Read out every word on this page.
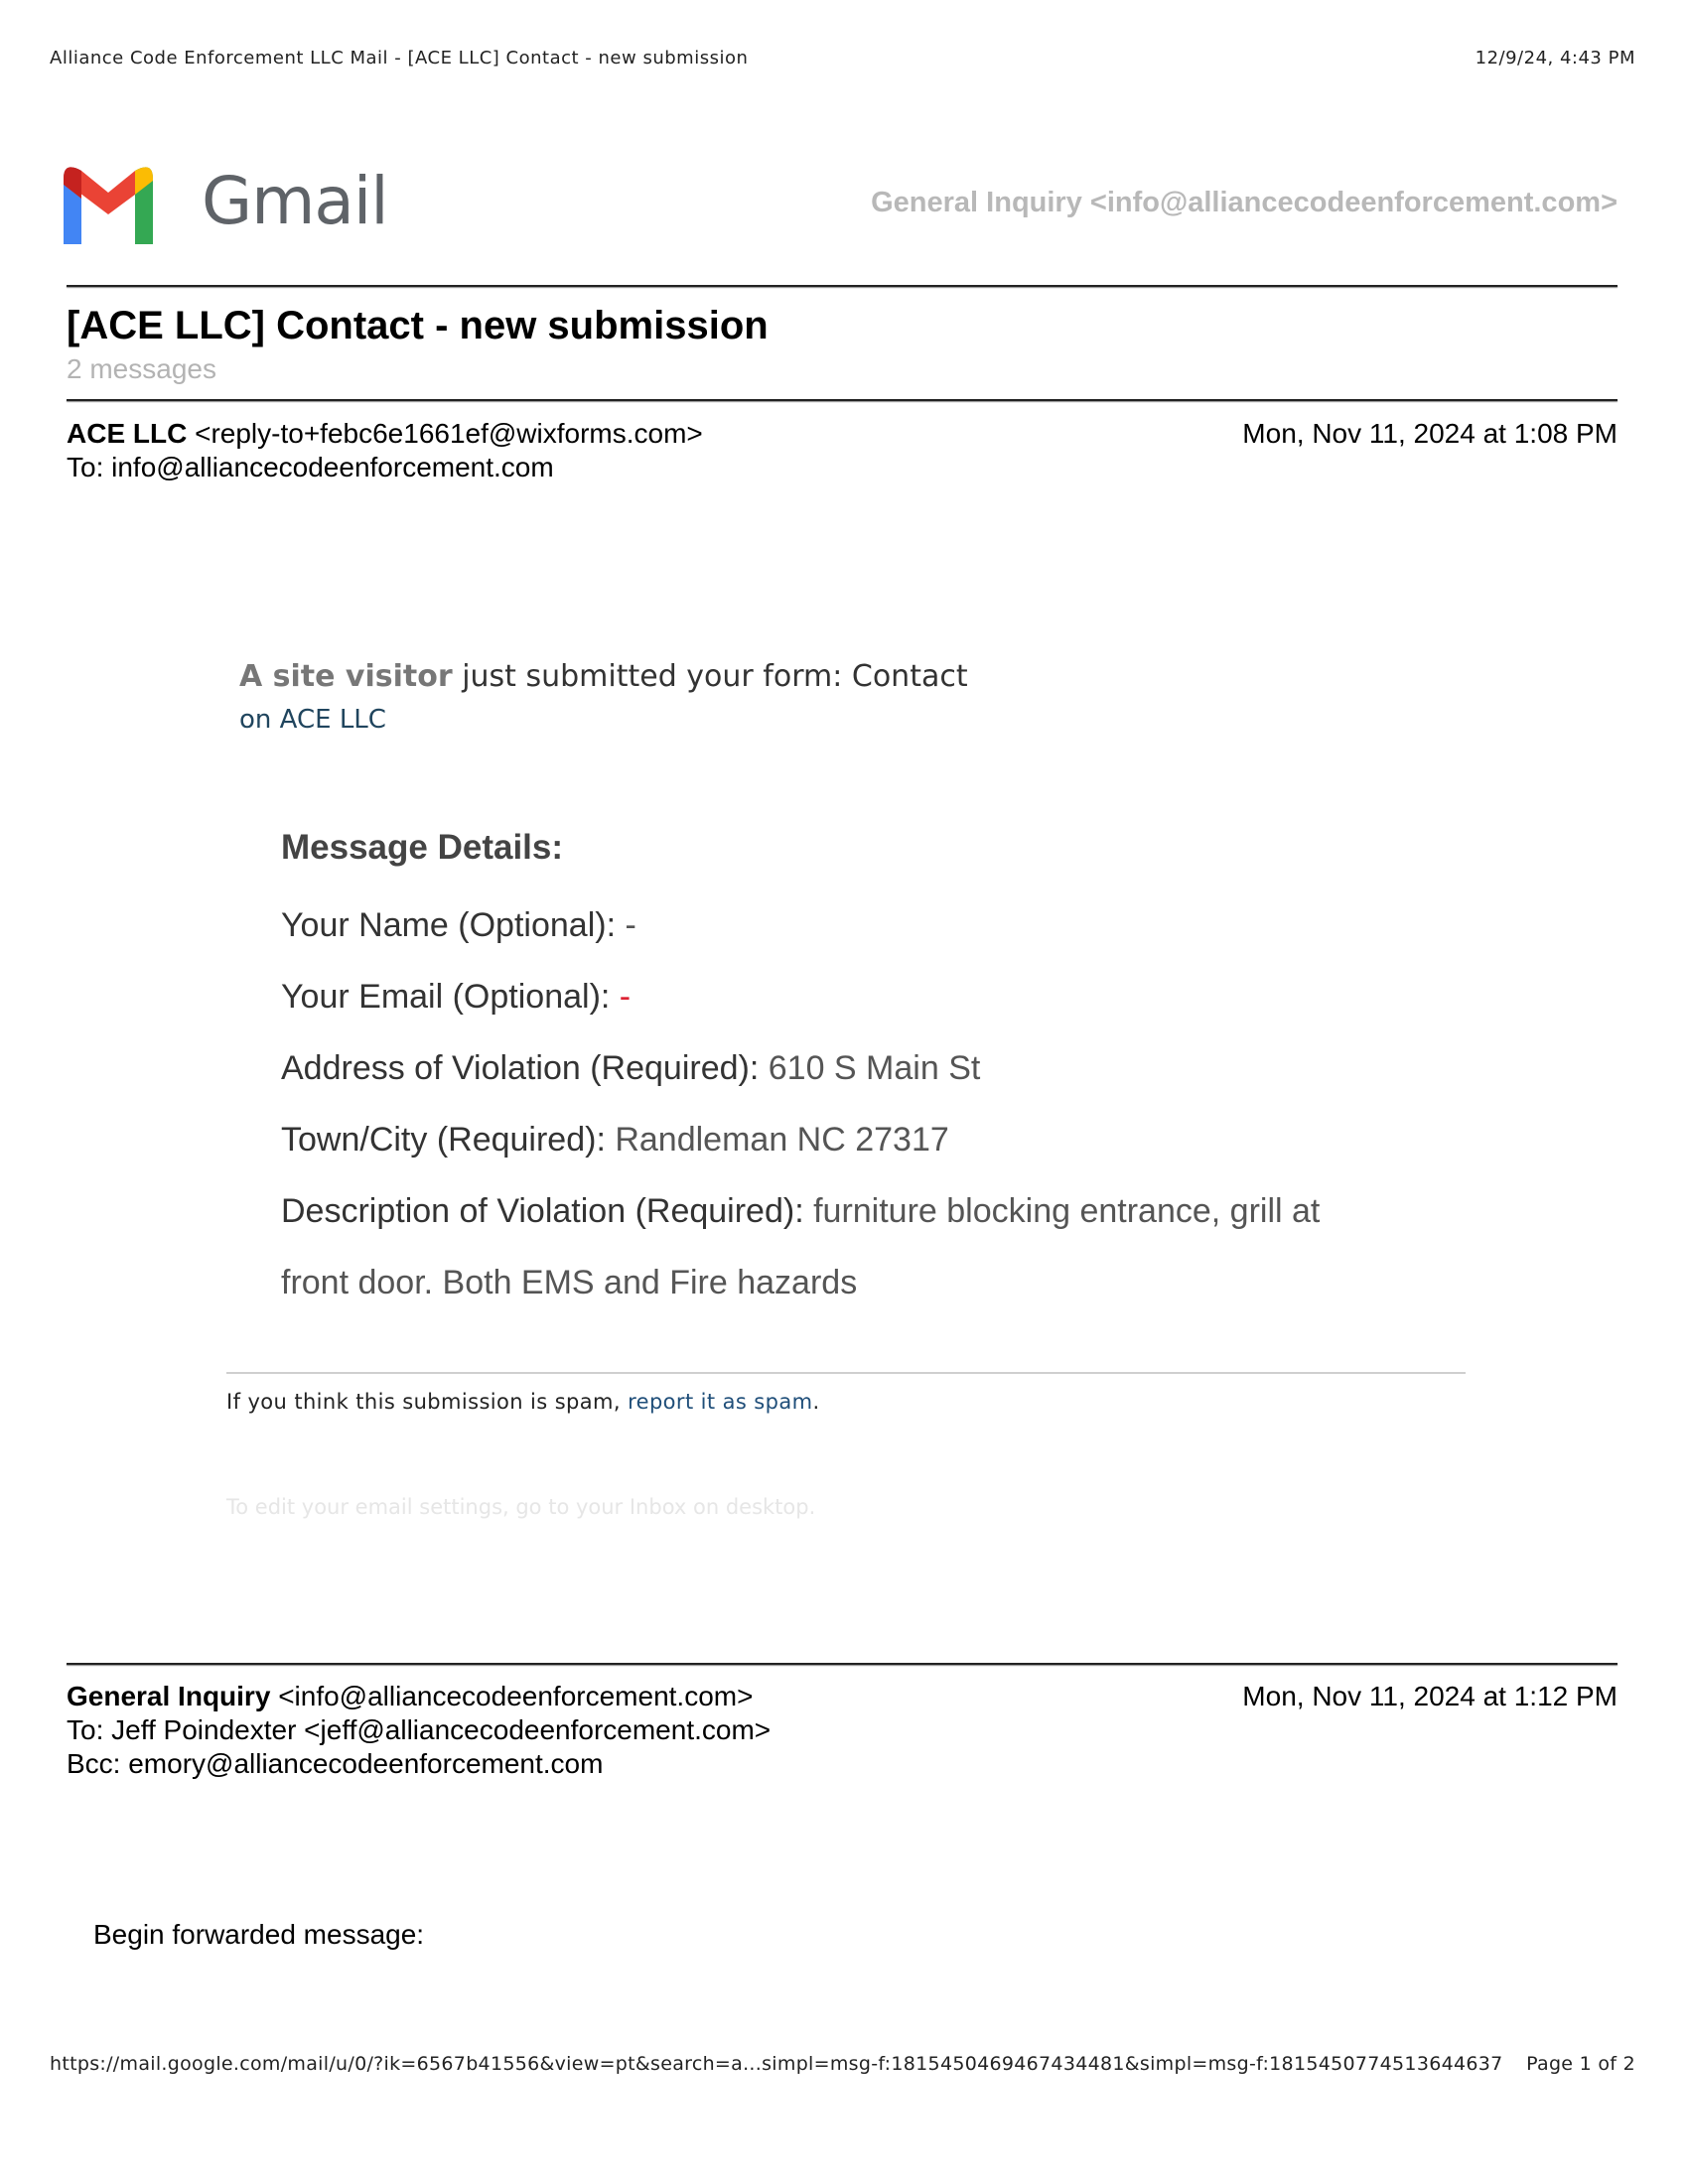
Alliance Code Enforcement LLC Mail - [ACE LLC] Contact - new submission	12/9/24, 4:43 PM
Gmail	General Inquiry <info@alliancecodeenforcement.com>
[ACE LLC] Contact - new submission
2 messages
ACE LLC <reply-to+febc6e1661ef@wixforms.com>	Mon, Nov 11, 2024 at 1:08 PM
To: info@alliancecodeenforcement.com
A site visitor just submitted your form: Contact
on ACE LLC
Message Details:
Your Name (Optional): -
Your Email (Optional): -
Address of Violation (Required): 610 S Main St
Town/City (Required): Randleman NC 27317
Description of Violation (Required): furniture blocking entrance, grill at
front door. Both EMS and Fire hazards
If you think this submission is spam, report it as spam.
To edit your email settings, go to your Inbox on desktop.
General Inquiry <info@alliancecodeenforcement.com>	Mon, Nov 11, 2024 at 1:12 PM
To: Jeff Poindexter <jeff@alliancecodeenforcement.com>
Bcc: emory@alliancecodeenforcement.com
Begin forwarded message:
https://mail.google.com/mail/u/0/?ik=6567b41556&view=pt&search=a...simpl=msg-f:1815450469467434481&simpl=msg-f:1815450774513644637 Page 1 of 2
